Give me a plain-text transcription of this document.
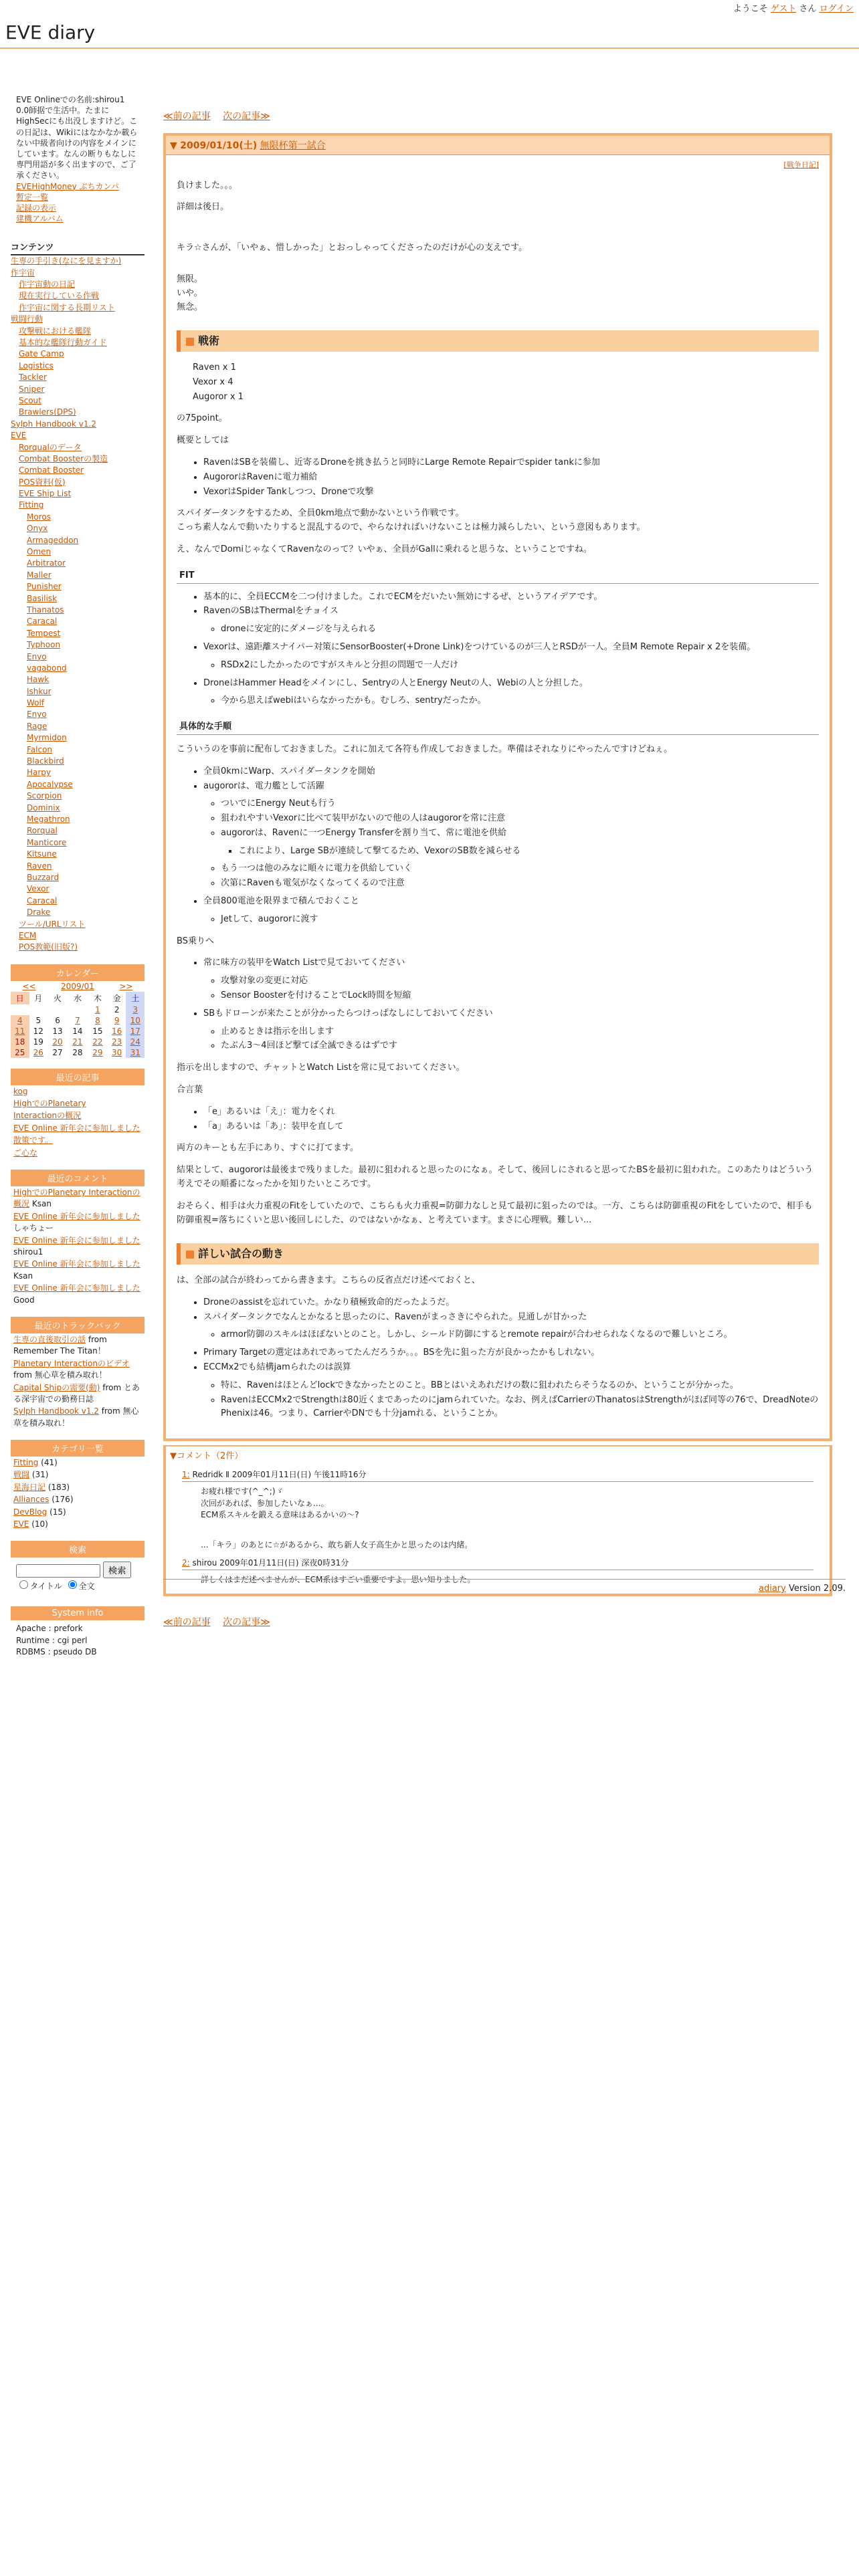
ようこそ ゲスト さん ログイン
EVE diary
EVE Onlineでの名前:shirou1 0.0師据で生活中。たまにHighSecにも出没しますけど。この日記は、Wikiにはなかなか載らない中級者向けの内容をメインにしています。なんの断りもなしに専門用語が多く出ますので、ご了承ください。
EVEHighMoney ぶちカンパ
暫定一覧
記録の表示
建機アルバム
コンテンツ
生専の手引き(なにを見ますか)
作宇宙
作宇宙動の日記
現在実行している作戦
作宇宙に関する長期リスト
戦闘行動
攻撃戦における艦隊
基本的な艦隊行動ガイド
Gate Camp
Logistics
Tackler
Sniper
Scout
Brawlers(DPS)
Sylph Handbook v1.2
EVE
Rorqualのデータ
Combat Boosterの製造
Combat Booster
POS資料(仮)
EVE Ship List
Fitting
Moros
Onyx
Armageddon
Omen
Arbitrator
Maller
Punisher
Basilisk
Thanatos
Caracal
Tempest
Typhoon
Enyo
vagabond
Hawk
Ishkur
Wolf
Enyo
Rage
Myrmidon
Falcon
Blackbird
Harpy
Apocalypse
Scorpion
Dominix
Megathron
Rorqual
Manticore
Kitsune
Raven
Buzzard
Vexor
Caracal
Drake
ツール/URLリスト
ECM
POS教範(旧版?)
カレンダー
<<		2009/01			>>	
日	月	火	水	木	金	土
				1	2	3
4	5	6	7	8	9	10
11	12	13	14	15	16	17
18	19	20	21	22	23	24
25	26	27	28	29	30	31
最近の記事
kog
HighでのPlanetary
Interactionの概況
EVE Online 新年会に参加しました
散策です。
ご心な
最近のコメント
HighでのPlanetary Interactionの概況 Ksan
EVE Online 新年会に参加しました しゃちょー
EVE Online 新年会に参加しました shirou1
EVE Online 新年会に参加しました Ksan
EVE Online 新年会に参加しました Good
最近のトラックバック
生専の直後取引の話 from Remember The Titan！
Planetary Interactionのビデオ from 無心草を積み取れ！
Capital Shipの需要(動) from とある深宇宙での勤務日誌
Sylph Handbook v1.2 from 無心草を積み取れ！
カテゴリ一覧
Fitting (41)
戦闘 (31)
星海日記 (183)
Alliances (176)
DevBlog (15)
EVE (10)
検索
検索
タイトル 全文
System info
Apache : prefork
Runtime : cgi perl
RDBMS : pseudo DB
≪前の記事 次の記事≫
▼ 2009/01/10(土) 無限杯第一試合
[戦争日記]

負けました。。。

詳細は後日。

キラ☆さんが、「いやぁ、惜しかった」とおっしゃってくださったのだけが心の支えです。

無限。
いや。
無念。

戦術
Raven x 1
Vexor x 4
Augoror x 1

の75point。

概要としては

• RavenはSBを装備し、近寄るDroneを挑き払うと同時にLarge Remote Repairでspider tankに参加
• AugororはRavenに電力補給
• VexorはSpider Tankしつつ、Droneで攻撃

スパイダータンクをするため、全員0km地点で動かないという作戦です。
こっち素人なんで動いたりすると混乱するので、やらなければいけないことは極力減らしたい、という意図もあります。

え、なんでDomiじゃなくてRavenなのって？いやぁ、全員がGallに乗れると思うな、ということですね。

FIT
• 基本的に、全員ECCMを二つ付けました。これでECMをだいたい無効にするぜ、というアイデアです。
• RavenのSBはThermalをチョイス
◦ droneに安定的にダメージを与えられる
• Vexorは、遠距離スナイパー対策にSensorBooster(+Drone Link)をつけているのが三人とRSDが一人。全員M Remote Repair x 2を装備。
◦ RSDx2にしたかったのですがスキルと分担の問題で一人だけ
• DroneはHammer Headをメインにし、Sentryの人とEnergy Neutの人、Webiの人と分担した。
◦ 今から思えばwebiはいらなかったかも。むしろ、sentryだったか。
具体的な手順

こういうのを事前に配布しておきました。これに加えて各符も作成しておきました。準備はそれなりにやったんですけどねぇ。

• 全員0kmにWarp、スパイダータンクを開始
• augororは、電力艦として活躍
◦ ついでにEnergy Neutも行う
◦ 狙われやすいVexorに比べて装甲がないので他の人はaugororを常に注意
◦ augororは、Ravenに一つEnergy Transferを割り当て、常に電池を供給
▪ これにより、Large SBが連続して撃てるため、VexorのSB数を減らせる
◦ もう一つは他のみなに順々に電力を供給していく
◦ 次第にRavenも電気がなくなってくるので注意
• 全員800電池を限界まで積んでおくこと
◦ Jetして、augororに渡す

BS乗りへ

• 常に味方の装甲をWatch Listで見ておいてください
◦ 攻撃対象の変更に対応
◦ Sensor Boosterを付けることでLock時間を短縮
• SBもドローンが来たことが分かったらつけっぱなしにしておいてください
◦ 止めるときは指示を出します
◦ たぶん3〜4回ほど撃てば全滅できるはずです

指示を出しますので、チャットとWatch Listを常に見ておいてください。

合言葉

• 「e」あるいは「え」：電力をくれ
• 「a」あるいは「あ」：装甲を直して

両方のキーとも左手にあり、すぐに打てます。

結果として、augororは最後まで残りました。最初に狙われると思ったのになぁ。そして、後回しにされると思ってたBSを最初に狙われた。このあたりはどういう考えでその順番になったかを知りたいところです。

おそらく、相手は火力重視のFitをしていたので、こちらも火力重視=防御力なしと見て最初に狙ったのでは。一方、こちらは防御重視のFitをしていたので、相手も防御重視=落ちにくいと思い後回しにした、のではないかなぁ、と考えています。まさに心理戦。難しい...

詳しい試合の動き

は、全部の試合が終わってから書きます。こちらの反省点だけ述べておくと、

• Droneのassistを忘れていた。かなり積極致命的だったようだ。
• スパイダータンクでなんとかなると思ったのに、Ravenがまっさきにやられた。見通しが甘かった
◦ armor防御のスキルはほぼないとのこと。しかし、シールド防御にするとremote repairが合わせられなくなるので難しいところ。
• Primary Targetの選定はあれであってたんだろうか。。。BSを先に狙った方が良かったかもしれない。
• ECCMx2でも結構jamられたのは誤算
◦ 特に、Ravenはほとんどlockできなかったとのこと。BBとはいえあれだけの数に狙われたらそうなるのか、ということが分かった。
◦ RavenはECCMx2でStrengthは80近くまであったのにjamられていた。なお、例えばCarrierのThanatosはStrengthがほぼ同等の76で、DreadNoteのPhenixは46。つまり、CarrierやDNでも十分jamれる、ということか。
▼コメント（2件）
1: Redridk Ⅱ 2009年01月11日(日) 午後11時16分
お疲れ様です(^_^;)ゞ
次回があれば、参加したいなぁ...。
ECM系スキルを鍛える意味はあるかいの～?
...「キラ」のあとに☆があるから、敢ち新人女子高生かと思ったのは内緒。
2: shirou 2009年01月11日(日) 深夜0時31分
詳しくはまだ述べませんが、ECM系はすごい重要ですよ。思い知りました。
≪前の記事 次の記事≫
adiary Version 2.09.
